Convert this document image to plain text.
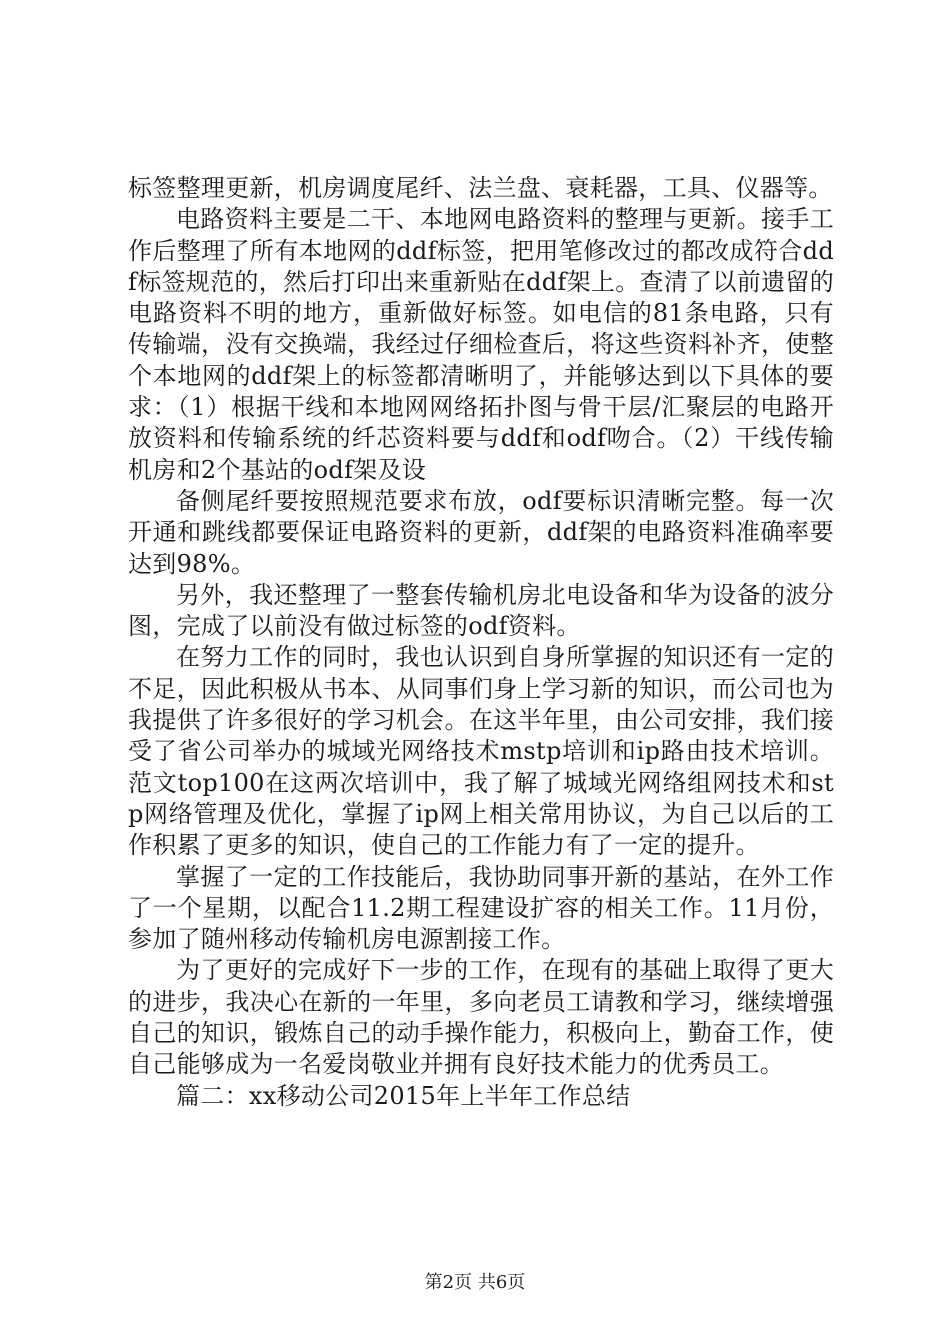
标签整理更新，机房调度尾纤、法兰盘、衰耗器，工具、仪器等。

电路资料主要是二干、本地网电路资料的整理与更新。接手工作后整理了所有本地网的ddf标签，把用笔修改过的都改成符合ddf标签规范的，然后打印出来重新贴在ddf架上。查清了以前遗留的电路资料不明的地方，重新做好标签。如电信的81条电路，只有传输端，没有交换端，我经过仔细检查后，将这些资料补齐，使整个本地网的ddf架上的标签都清晰明了，并能够达到以下具体的要求：（1）根据干线和本地网网络拓扑图与骨干层/汇聚层的电路开放资料和传输系统的纤芯资料要与ddf和odf吻合。（2）干线传输机房和2个基站的odf架及设

备侧尾纤要按照规范要求布放，odf要标识清晰完整。每一次开通和跳线都要保证电路资料的更新，ddf架的电路资料准确率要达到98%。

另外，我还整理了一整套传输机房北电设备和华为设备的波分图，完成了以前没有做过标签的odf资料。

在努力工作的同时，我也认识到自身所掌握的知识还有一定的不足，因此积极从书本、从同事们身上学习新的知识，而公司也为我提供了许多很好的学习机会。在这半年里，由公司安排，我们接受了省公司举办的城域光网络技术mstp培训和ip路由技术培训。范文top100在这两次培训中，我了解了城域光网络组网技术和stp网络管理及优化，掌握了ip网上相关常用协议，为自己以后的工作积累了更多的知识，使自己的工作能力有了一定的提升。

掌握了一定的工作技能后，我协助同事开新的基站，在外工作了一个星期，以配合11.2期工程建设扩容的相关工作。11月份，参加了随州移动传输机房电源割接工作。

为了更好的完成好下一步的工作，在现有的基础上取得了更大的进步，我决心在新的一年里，多向老员工请教和学习，继续增强自己的知识，锻炼自己的动手操作能力，积极向上，勤奋工作，使自己能够成为一名爱岗敬业并拥有良好技术能力的优秀员工。

篇二：xx移动公司2015年上半年工作总结

第2页 共6页
